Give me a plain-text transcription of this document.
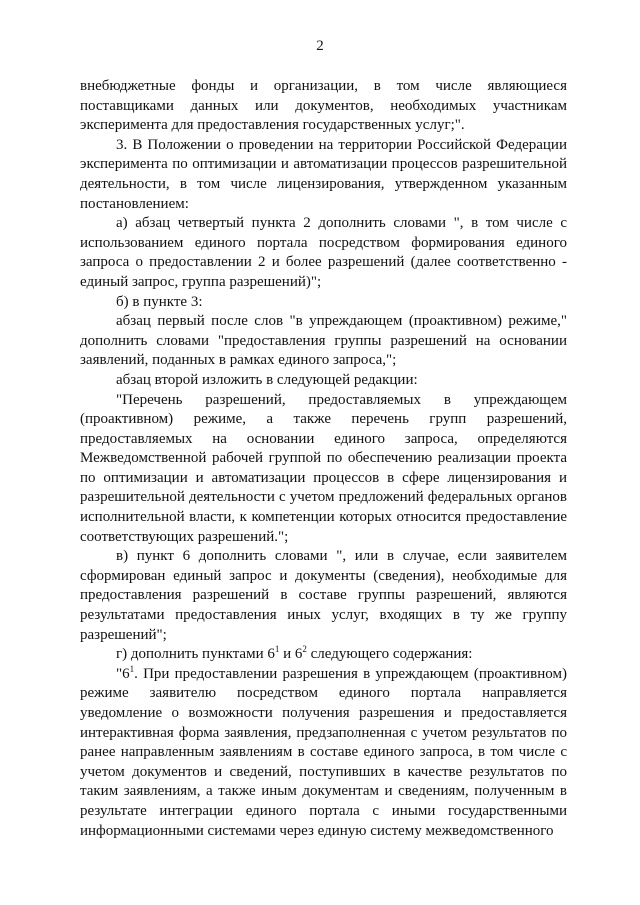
2

внебюджетные фонды и организации, в том числе являющиеся поставщиками данных или документов, необходимых участникам эксперимента для предоставления государственных услуг;".

3. В Положении о проведении на территории Российской Федерации эксперимента по оптимизации и автоматизации процессов разрешительной деятельности, в том числе лицензирования, утвержденном указанным постановлением:

а) абзац четвертый пункта 2 дополнить словами ", в том числе с использованием единого портала посредством формирования единого запроса о предоставлении 2 и более разрешений (далее соответственно - единый запрос, группа разрешений)";

б) в пункте 3:

абзац первый после слов "в упреждающем (проактивном) режиме," дополнить словами "предоставления группы разрешений на основании заявлений, поданных в рамках единого запроса,";

абзац второй изложить в следующей редакции:

"Перечень разрешений, предоставляемых в упреждающем (проактивном) режиме, а также перечень групп разрешений, предоставляемых на основании единого запроса, определяются Межведомственной рабочей группой по обеспечению реализации проекта по оптимизации и автоматизации процессов в сфере лицензирования и разрешительной деятельности с учетом предложений федеральных органов исполнительной власти, к компетенции которых относится предоставление соответствующих разрешений.";

в) пункт 6 дополнить словами ", или в случае, если заявителем сформирован единый запрос и документы (сведения), необходимые для предоставления разрешений в составе группы разрешений, являются результатами предоставления иных услуг, входящих в ту же группу разрешений";

г) дополнить пунктами $6^1$ и $6^2$ следующего содержания:

"$6^1$. При предоставлении разрешения в упреждающем (проактивном) режиме заявителю посредством единого портала направляется уведомление о возможности получения разрешения и предоставляется интерактивная форма заявления, предзаполненная с учетом результатов по ранее направленным заявлениям в составе единого запроса, в том числе с учетом документов и сведений, поступивших в качестве результатов по таким заявлениям, а также иным документам и сведениям, полученным в результате интеграции единого портала с иными государственными информационными системами через единую систему межведомственного
